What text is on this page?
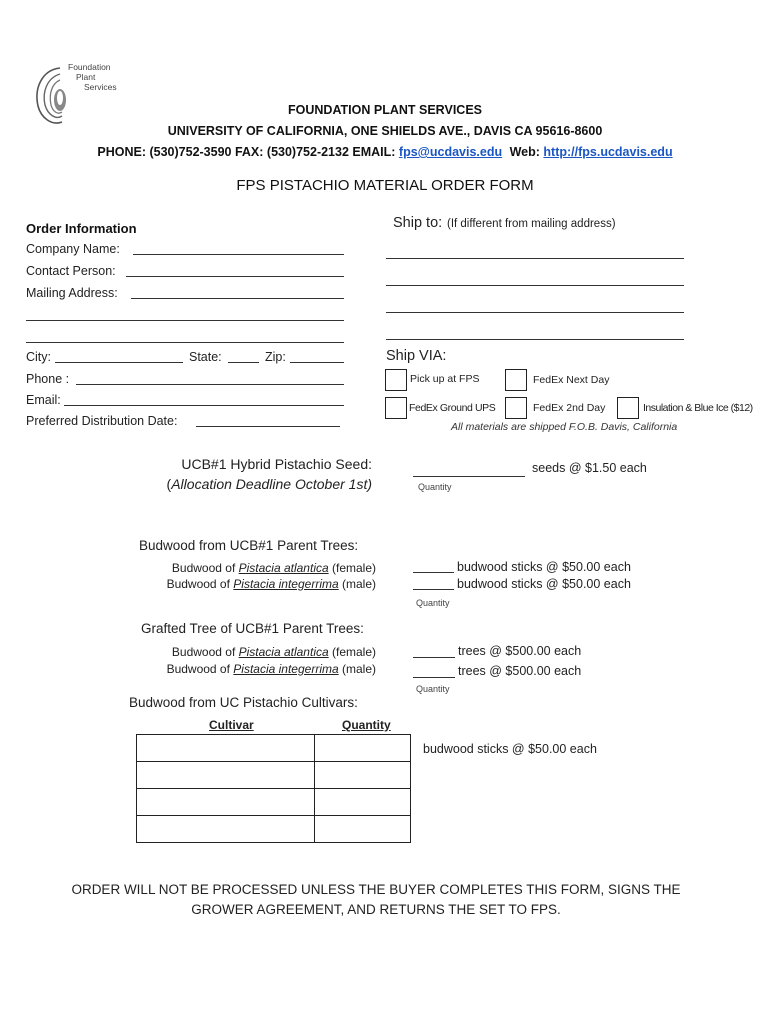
Foundation
Plant
Services
FOUNDATION PLANT SERVICES
UNIVERSITY OF CALIFORNIA, ONE SHIELDS AVE., DAVIS CA 95616-8600
PHONE: (530)752-3590 FAX: (530)752-2132 EMAIL: fps@ucdavis.edu Web: http://fps.ucdavis.edu
FPS PISTACHIO MATERIAL ORDER FORM
Order Information
Company Name:
Contact Person:
Mailing Address:
City:	State:	Zip:
Phone :
Email:
Preferred Distribution Date:
Ship to: (If different from mailing address)
Ship VIA:
Pick up at FPS	FedEx Next Day
FedEx Ground UPS	FedEx 2nd Day	Insulation & Blue Ice ($12)
All materials are shipped F.O.B. Davis, California
UCB#1 Hybrid Pistachio Seed:
(Allocation Deadline October 1st)
seeds @ $1.50 each
Quantity
Budwood from UCB#1 Parent Trees:
Budwood of Pistacia atlantica (female)
Budwood of Pistacia integerrima (male)
budwood sticks @ $50.00 each
budwood sticks @ $50.00 each
Quantity
Grafted Tree of UCB#1 Parent Trees:
Budwood of Pistacia atlantica (female)
Budwood of Pistacia integerrima (male)
trees @ $500.00 each
trees @ $500.00 each
Quantity
Budwood from UC Pistachio Cultivars:
Cultivar	Quantity

budwood sticks @ $50.00 each
ORDER WILL NOT BE PROCESSED UNLESS THE BUYER COMPLETES THIS FORM, SIGNS THE
GROWER AGREEMENT, AND RETURNS THE SET TO FPS.
